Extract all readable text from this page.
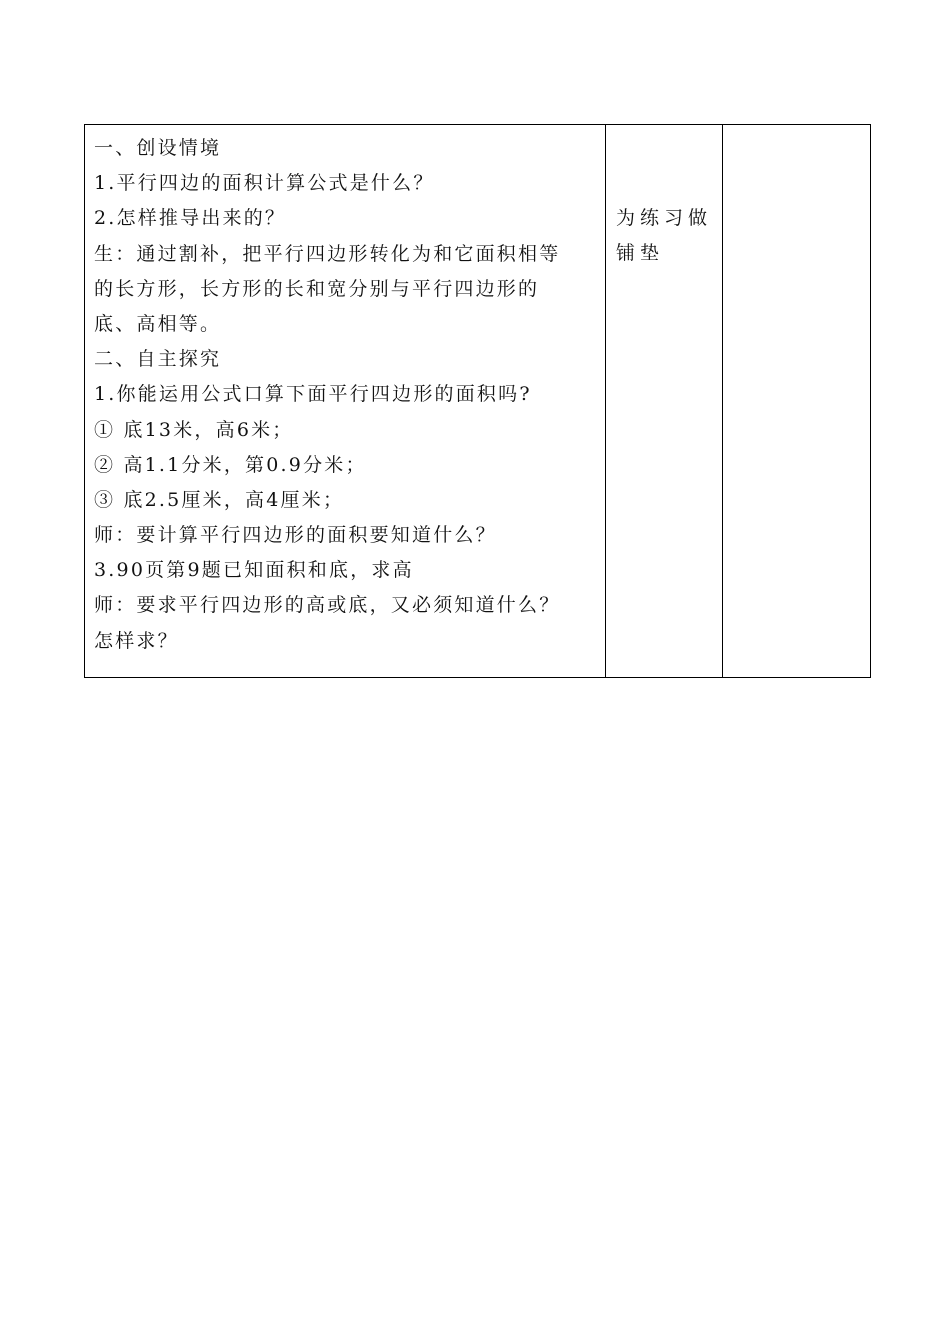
一、创设情境
1.平行四边的面积计算公式是什么？
2.怎样推导出来的？
生：通过割补，把平行四边形转化为和它面积相等
的长方形，长方形的长和宽分别与平行四边形的
底、高相等。
二、自主探究
1.你能运用公式口算下面平行四边形的面积吗?
① 底13米，高6米；
② 高1.1分米，第0.9分米；
③ 底2.5厘米，高4厘米；
师：要计算平行四边形的面积要知道什么？
3.90页第9题已知面积和底，求高
师：要求平行四边形的高或底，又必须知道什么？
怎样求？
为练习做
铺垫
